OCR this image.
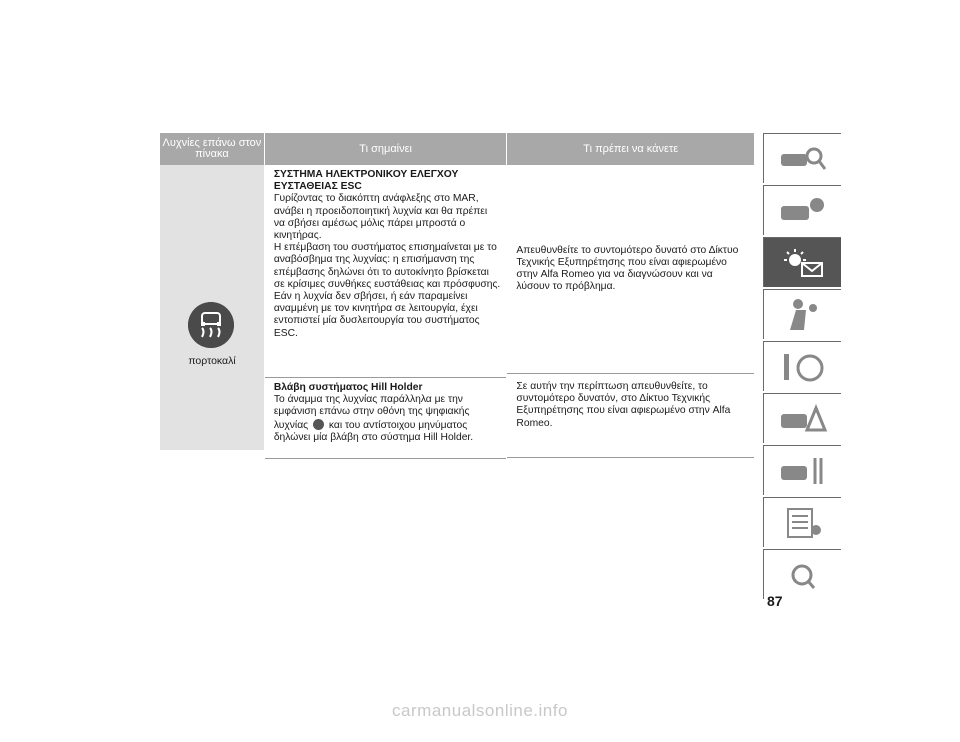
Λυχνίες επάνω στον πίνακα	Τι σημαίνει	Τι πρέπει να κάνετε
πορτοκαλί
ΣΥΣΤΗΜΑ ΗΛΕΚΤΡΟΝΙΚΟΥ ΕΛΕΓΧΟΥ ΕΥΣΤΑΘΕΙΑΣ ESC
Γυρίζοντας το διακόπτη ανάφλεξης στο MAR, ανάβει η προειδοποιητική λυχνία και θα πρέπει να σβήσει αμέσως μόλις πάρει μπροστά ο κινητήρας.
Η επέμβαση του συστήματος επισημαίνεται με το αναβόσβημα της λυχνίας: η επισήμανση της επέμβασης δηλώνει ότι το αυτοκίνητο βρίσκεται σε κρίσιμες συνθήκες ευστάθειας και πρόσφυσης.
Εάν η λυχνία δεν σβήσει, ή εάν παραμείνει αναμμένη με τον κινητήρα σε λειτουργία, έχει εντοπιστεί μία δυσλειτουργία του συστήματος ESC.
Βλάβη συστήματος Hill Holder
Το άναμμα της λυχνίας παράλληλα με την εμφάνιση επάνω στην οθόνη της ψηφιακής λυχνίας και του αντίστοιχου μηνύματος δηλώνει μία βλάβη στο σύστημα Hill Holder.
Απευθυνθείτε το συντομότερο δυνατό στο Δίκτυο Τεχνικής Εξυπηρέτησης που είναι αφιερωμένο στην Alfa Romeo για να διαγνώσουν και να λύσουν το πρόβλημα.
Σε αυτήν την περίπτωση απευθυνθείτε, το συντομότερο δυνατόν, στο Δίκτυο Τεχνικής Εξυπηρέτησης που είναι αφιερωμένο στην Alfa Romeo.
87
carmanualsonline.info
